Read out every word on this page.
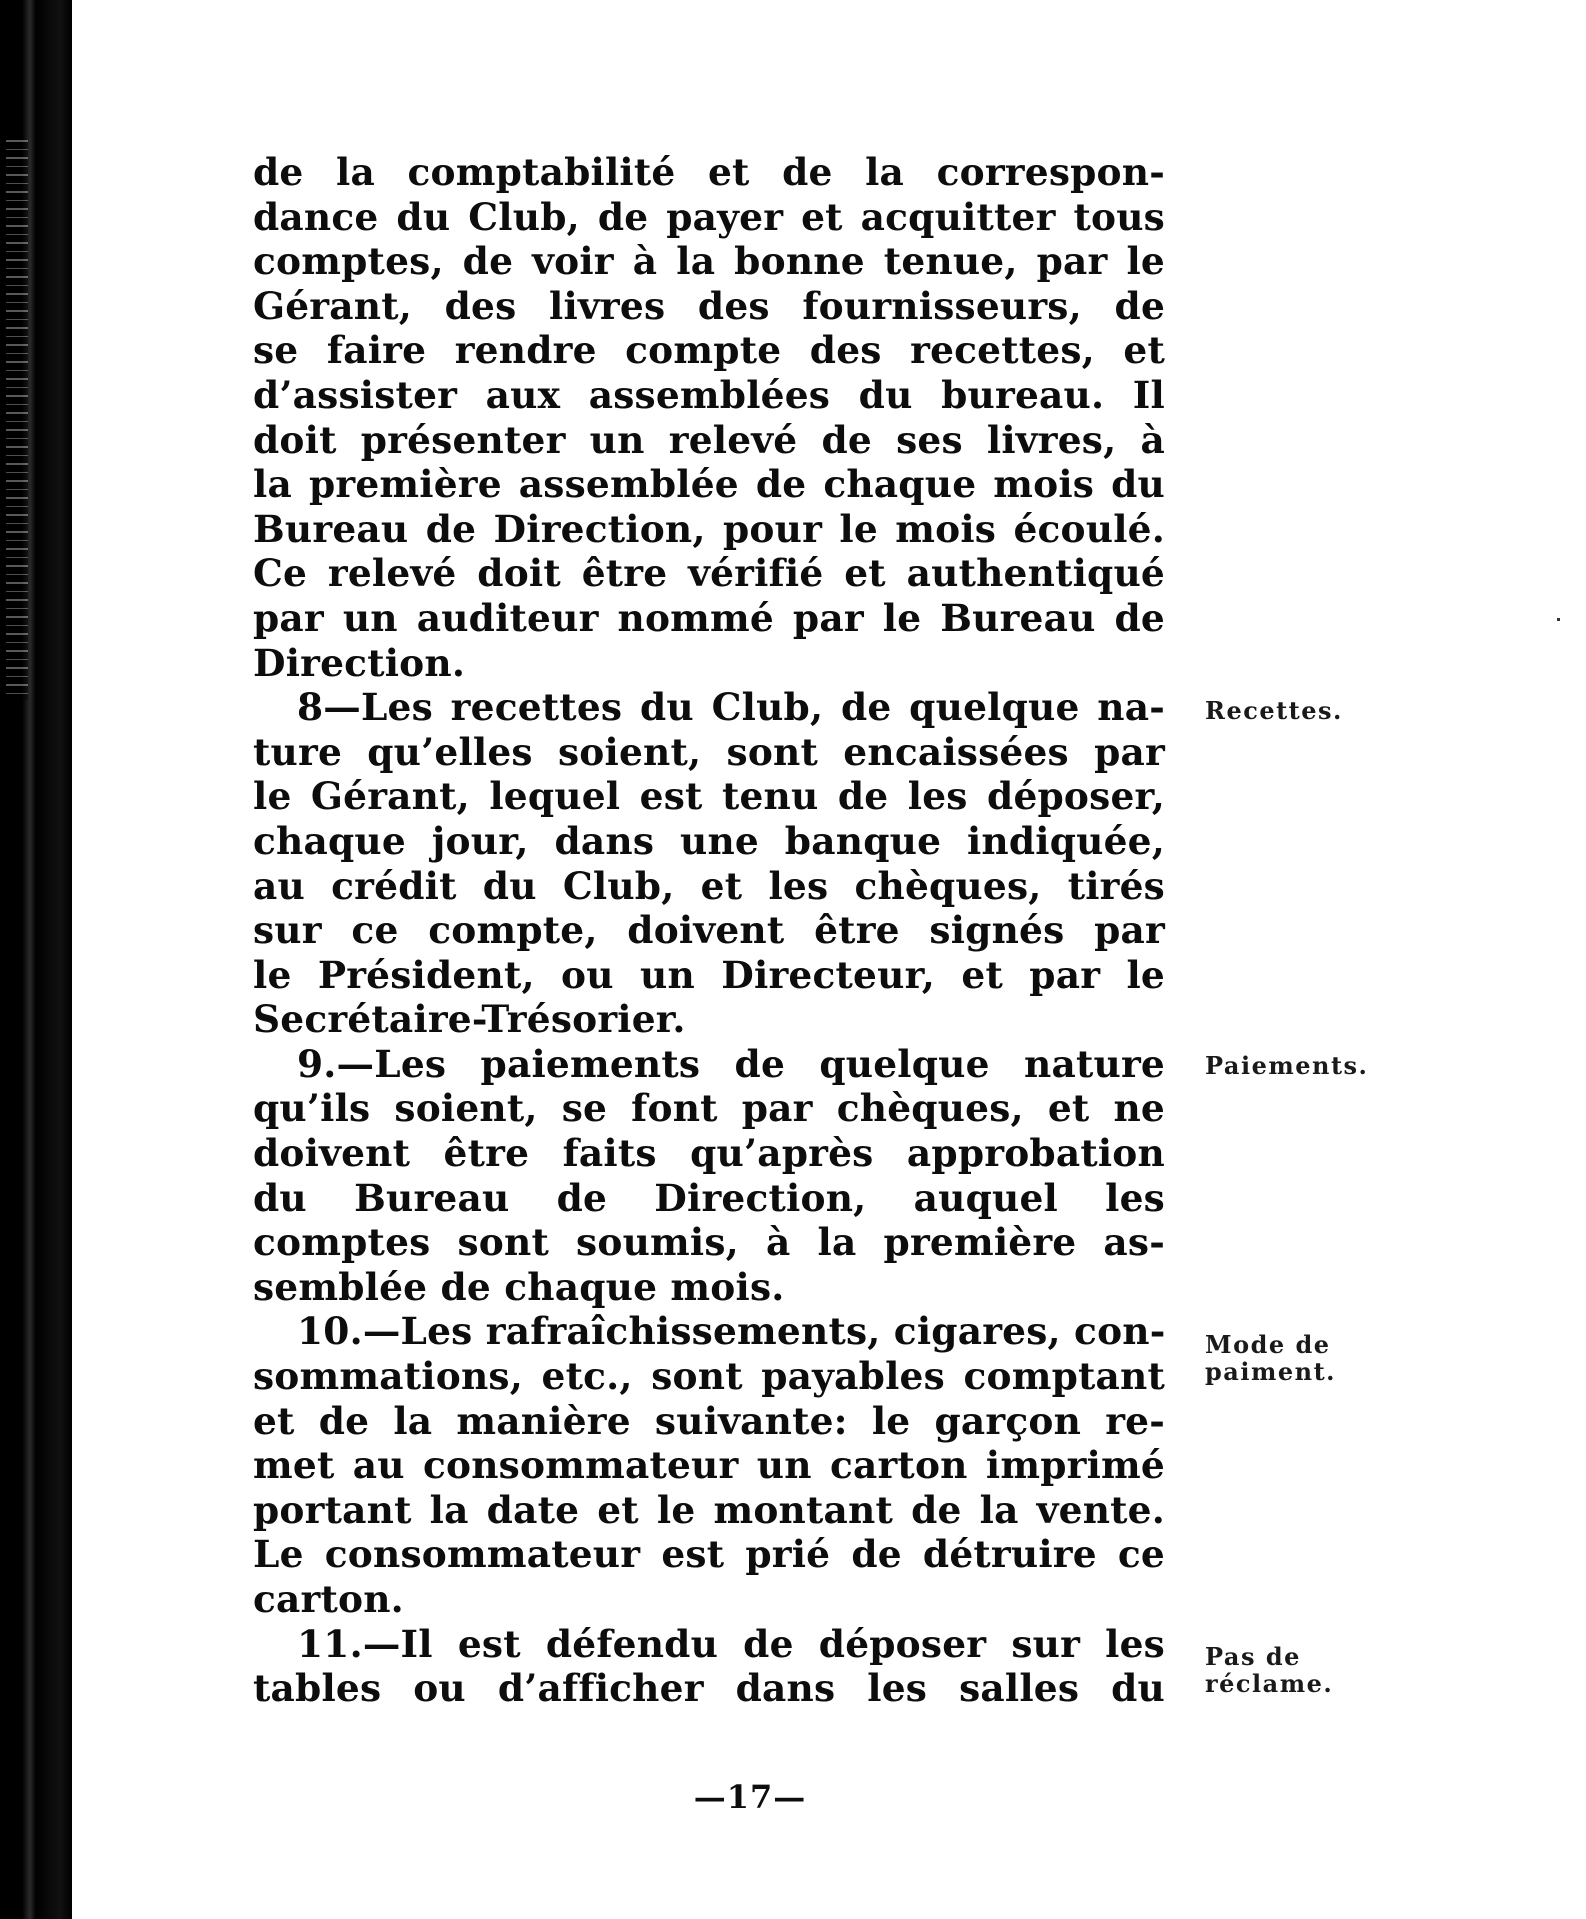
de la comptabilité et de la correspon-
dance du Club, de payer et acquitter tous
comptes, de voir à la bonne tenue, par le
Gérant, des livres des fournisseurs, de
se faire rendre compte des recettes, et
d’assister aux assemblées du bureau. Il
doit présenter un relevé de ses livres, à
la première assemblée de chaque mois du
Bureau de Direction, pour le mois écoulé.
Ce relevé doit être vérifié et authentiqué
par un auditeur nommé par le Bureau de
Direction.
8—Les recettes du Club, de quelque na-
ture qu’elles soient, sont encaissées par
le Gérant, lequel est tenu de les déposer,
chaque jour, dans une banque indiquée,
au crédit du Club, et les chèques, tirés
sur ce compte, doivent être signés par
le Président, ou un Directeur, et par le
Secrétaire-Trésorier.
9.—Les paiements de quelque nature
qu’ils soient, se font par chèques, et ne
doivent être faits qu’après approbation
du Bureau de Direction, auquel les
comptes sont soumis, à la première as-
semblée de chaque mois.
10.—Les rafraîchissements, cigares, con-
sommations, etc., sont payables comptant
et de la manière suivante: le garçon re-
met au consommateur un carton imprimé
portant la date et le montant de la vente.
Le consommateur est prié de détruire ce
carton.
11.—Il est défendu de déposer sur les
tables ou d’afficher dans les salles du
Recettes.
Paiements.
Mode de
paiment.
Pas de
réclame.
—17—
